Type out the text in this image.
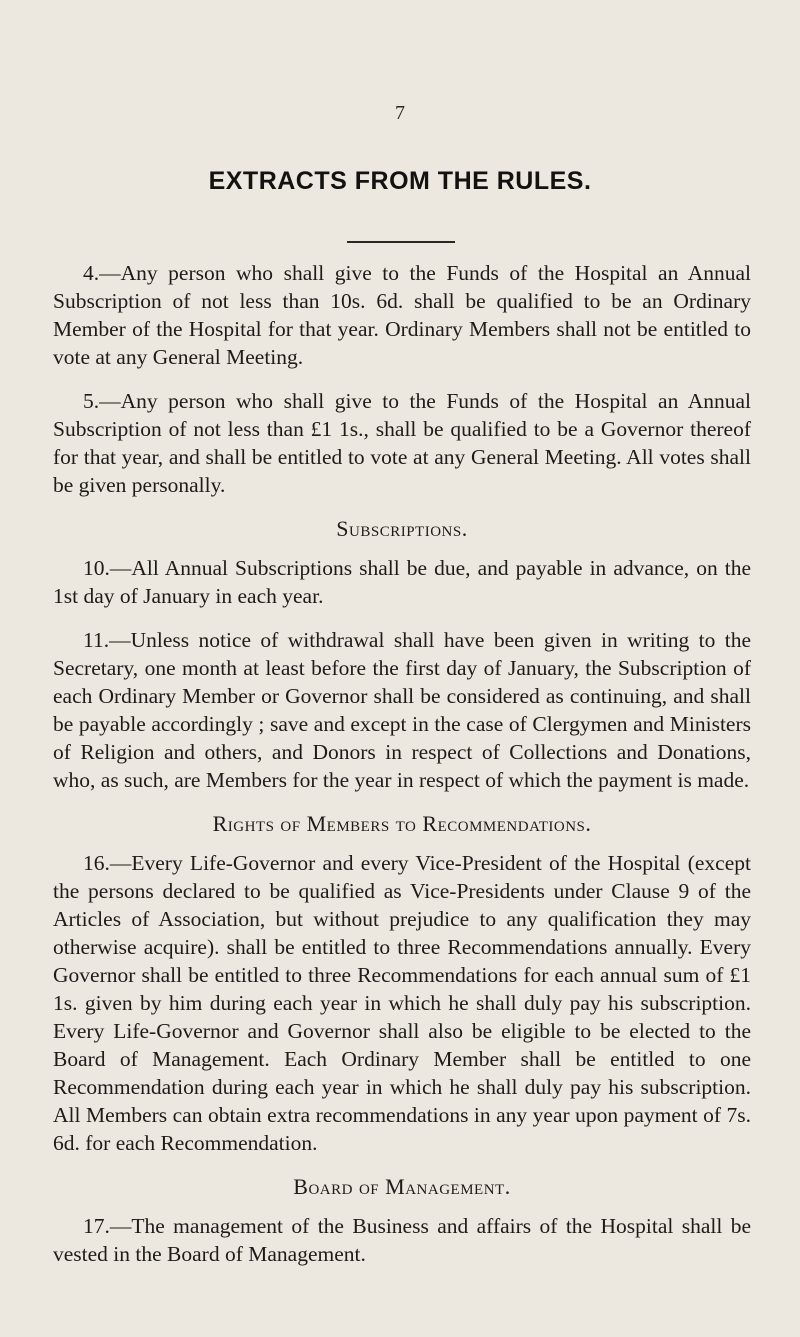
7
EXTRACTS FROM THE RULES.

4.—Any person who shall give to the Funds of the Hospital an Annual Subscription of not less than 10s. 6d. shall be qualified to be an Ordinary Member of the Hospital for that year. Ordinary Members shall not be entitled to vote at any General Meeting.

5.—Any person who shall give to the Funds of the Hospital an Annual Subscription of not less than £1 1s., shall be qualified to be a Governor thereof for that year, and shall be entitled to vote at any General Meeting. All votes shall be given personally.

Subscriptions.

10.—All Annual Subscriptions shall be due, and payable in advance, on the 1st day of January in each year.

11.—Unless notice of withdrawal shall have been given in writing to the Secretary, one month at least before the first day of January, the Subscription of each Ordinary Member or Governor shall be considered as continuing, and shall be payable accordingly ; save and except in the case of Clergymen and Ministers of Religion and others, and Donors in respect of Collections and Donations, who, as such, are Members for the year in respect of which the payment is made.

Rights of Members to Recommendations.

16.—Every Life-Governor and every Vice-President of the Hospital (except the persons declared to be qualified as Vice-Presidents under Clause 9 of the Articles of Association, but without prejudice to any qualification they may otherwise acquire). shall be entitled to three Recommendations annually. Every Governor shall be entitled to three Recommendations for each annual sum of £1 1s. given by him during each year in which he shall duly pay his subscription. Every Life-Governor and Governor shall also be eligible to be elected to the Board of Management. Each Ordinary Member shall be entitled to one Recommendation during each year in which he shall duly pay his subscription. All Members can obtain extra recommendations in any year upon payment of 7s. 6d. for each Recommendation.

Board of Management.

17.—The management of the Business and affairs of the Hospital shall be vested in the Board of Management.
